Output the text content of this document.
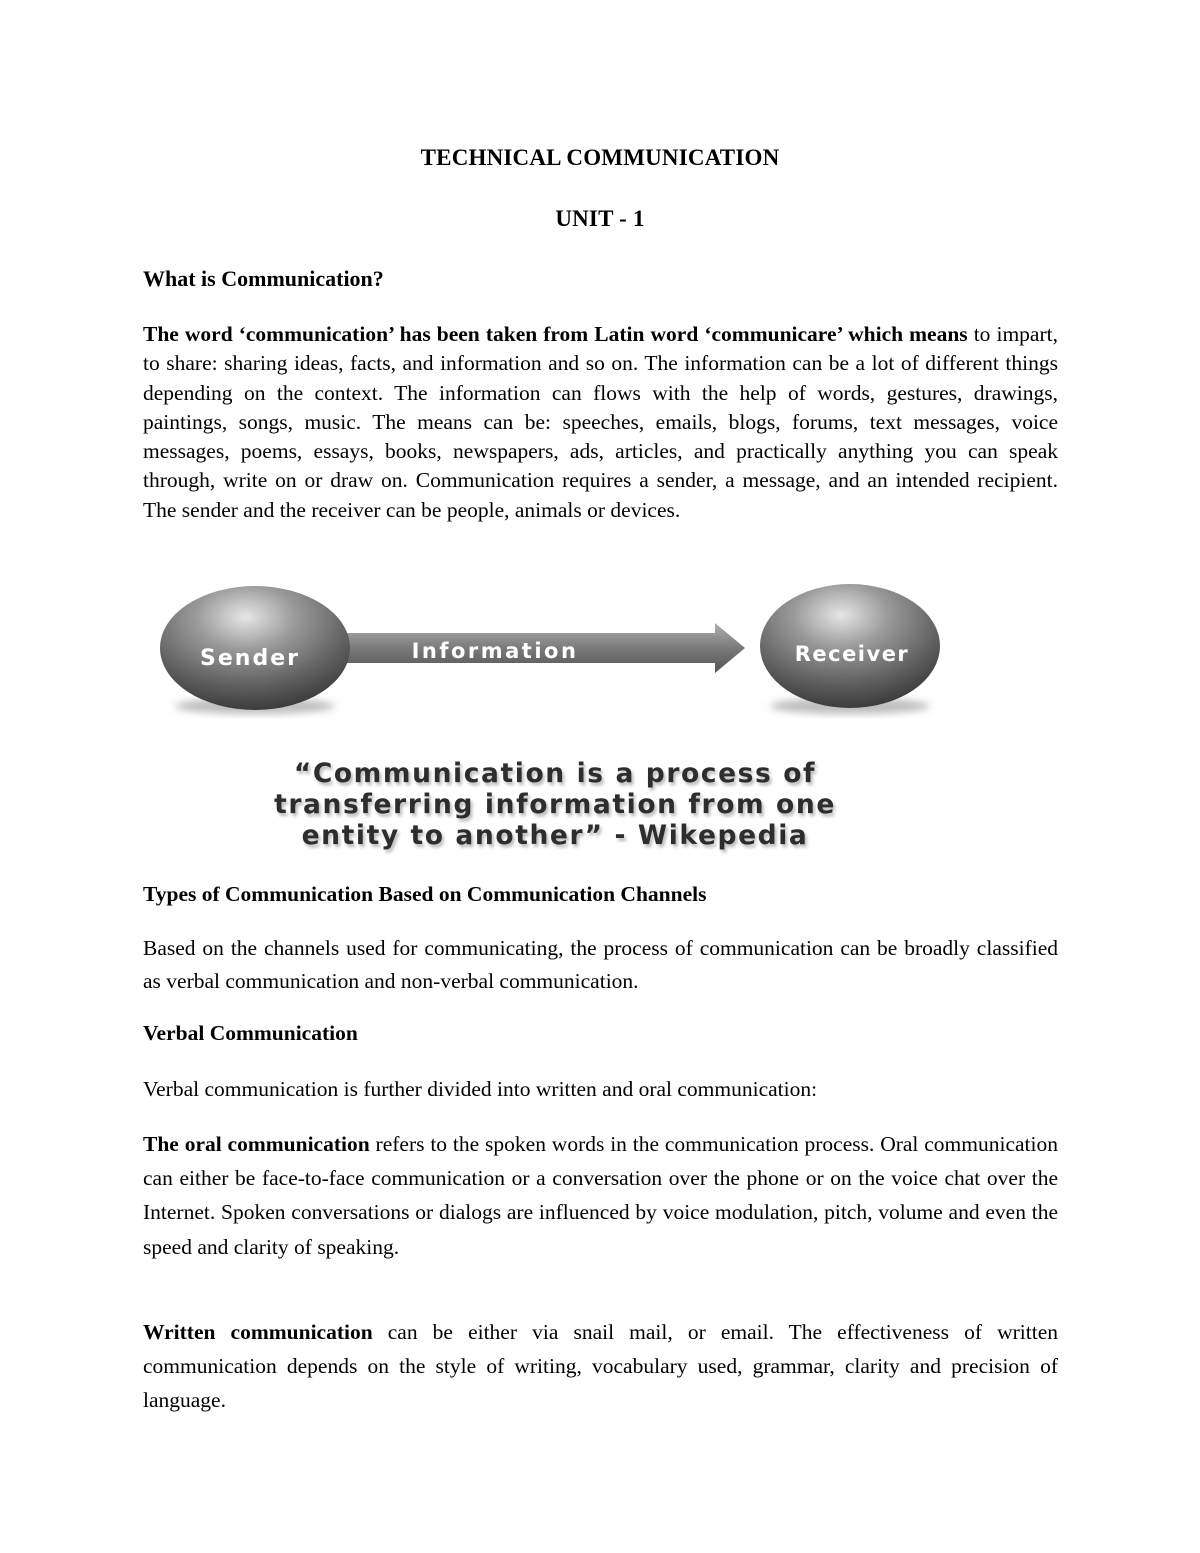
TECHNICAL COMMUNICATION
UNIT - 1
What is Communication?
The word ‘communication’ has been taken from Latin word ‘communicare’ which means to impart, to share: sharing ideas, facts, and information and so on. The information can be a lot of different things depending on the context. The information can flows with the help of words, gestures, drawings, paintings, songs, music. The means can be: speeches, emails, blogs, forums, text messages, voice messages, poems, essays, books, newspapers, ads, articles, and practically anything you can speak through, write on or draw on. Communication requires a sender, a message, and an intended recipient. The sender and the receiver can be people, animals or devices.
Sender	Information	Receiver
“Communication is a process of
transferring information from one
entity to another” - Wikepedia
Types of Communication Based on Communication Channels
Based on the channels used for communicating, the process of communication can be broadly classified as verbal communication and non-verbal communication.
Verbal Communication
Verbal communication is further divided into written and oral communication:
The oral communication refers to the spoken words in the communication process. Oral communication can either be face-to-face communication or a conversation over the phone or on the voice chat over the Internet. Spoken conversations or dialogs are influenced by voice modulation, pitch, volume and even the speed and clarity of speaking.
Written communication can be either via snail mail, or email. The effectiveness of written communication depends on the style of writing, vocabulary used, grammar, clarity and precision of language.
